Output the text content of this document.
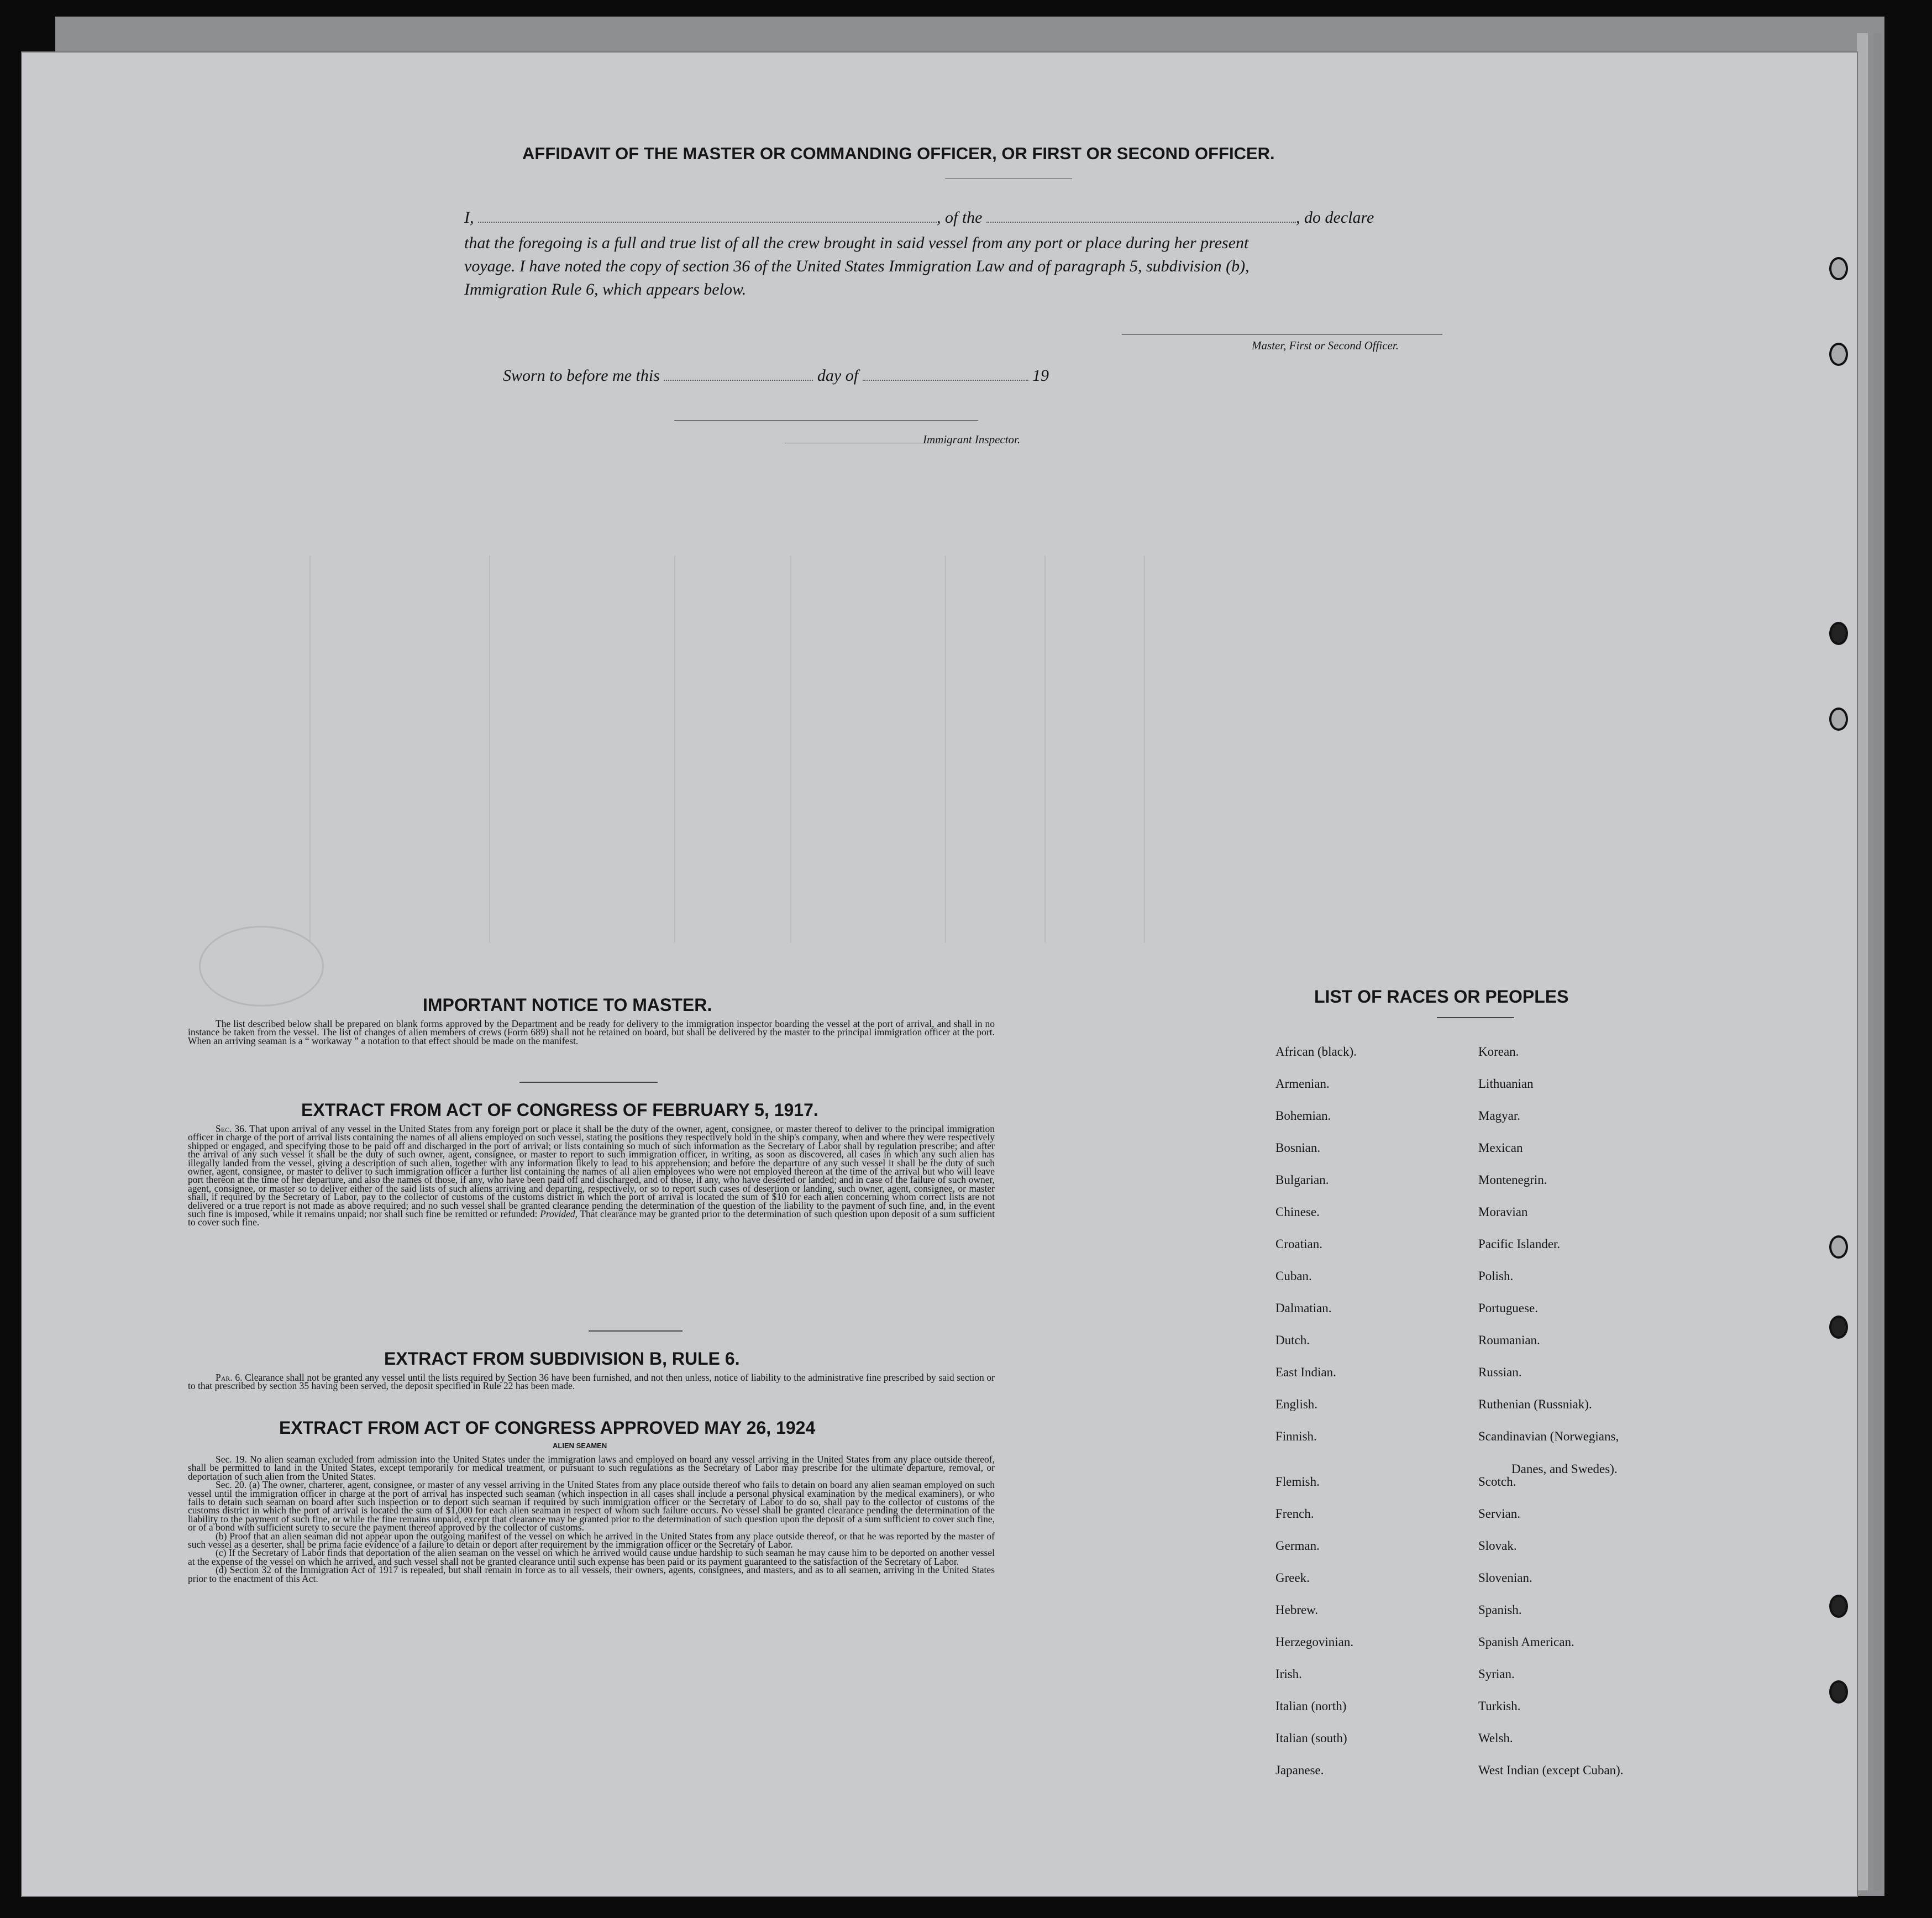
AFFIDAVIT OF THE MASTER OR COMMANDING OFFICER, OR FIRST OR SECOND OFFICER.
I,	, of the	, do declare
that the foregoing is a full and true list of all the crew brought in said vessel from any port or place during her present
voyage. I have noted the copy of section 36 of the United States Immigration Law and of paragraph 5, subdivision (b),
Immigration Rule 6, which appears below.
Master, First or Second Officer.
Sworn to before me this	day of	19
Immigrant Inspector.
IMPORTANT NOTICE TO MASTER.

The list described below shall be prepared on blank forms approved by the Department and be ready for delivery to the immigration inspector boarding the vessel at the port of arrival, and shall in no instance be taken from the vessel. The list of changes of alien members of crews (Form 689) shall not be retained on board, but shall be delivered by the master to the principal immigration officer at the port. When an arriving seaman is a “ workaway ” a notation to that effect should be made on the manifest.

EXTRACT FROM ACT OF CONGRESS OF FEBRUARY 5, 1917.

Sec. 36. That upon arrival of any vessel in the United States from any foreign port or place it shall be the duty of the owner, agent, consignee, or master thereof to deliver to the principal immigration officer in charge of the port of arrival lists containing the names of all aliens employed on such vessel, stating the positions they respectively hold in the ship's company, when and where they were respectively shipped or engaged, and specifying those to be paid off and discharged in the port of arrival; or lists containing so much of such information as the Secretary of Labor shall by regulation prescribe; and after the arrival of any such vessel it shall be the duty of such owner, agent, consignee, or master to report to such immigration officer, in writing, as soon as discovered, all cases in which any such alien has illegally landed from the vessel, giving a description of such alien, together with any information likely to lead to his apprehension; and before the departure of any such vessel it shall be the duty of such owner, agent, consignee, or master to deliver to such immigration officer a further list containing the names of all alien employees who were not employed thereon at the time of the arrival but who will leave port thereon at the time of her departure, and also the names of those, if any, who have been paid off and discharged, and of those, if any, who have deserted or landed; and in case of the failure of such owner, agent, consignee, or master so to deliver either of the said lists of such aliens arriving and departing, respectively, or so to report such cases of desertion or landing, such owner, agent, consignee, or master shall, if required by the Secretary of Labor, pay to the collector of customs of the customs district in which the port of arrival is located the sum of $10 for each alien concerning whom correct lists are not delivered or a true report is not made as above required; and no such vessel shall be granted clearance pending the determination of the question of the liability to the payment of such fine, and, in the event such fine is imposed, while it remains unpaid; nor shall such fine be remitted or refunded: Provided, That clearance may be granted prior to the determination of such question upon deposit of a sum sufficient to cover such fine.

EXTRACT FROM SUBDIVISION B, RULE 6.

Par. 6. Clearance shall not be granted any vessel until the lists required by Section 36 have been furnished, and not then unless, notice of liability to the administrative fine prescribed by said section or to that prescribed by section 35 having been served, the deposit specified in Rule 22 has been made.

EXTRACT FROM ACT OF CONGRESS APPROVED MAY 26, 1924
ALIEN SEAMEN

Sec. 19. No alien seaman excluded from admission into the United States under the immigration laws and employed on board any vessel arriving in the United States from any place outside thereof, shall be permitted to land in the United States, except temporarily for medical treatment, or pursuant to such regulations as the Secretary of Labor may prescribe for the ultimate departure, removal, or deportation of such alien from the United States.

Sec. 20. (a) The owner, charterer, agent, consignee, or master of any vessel arriving in the United States from any place outside thereof who fails to detain on board any alien seaman employed on such vessel until the immigration officer in charge at the port of arrival has inspected such seaman (which inspection in all cases shall include a personal physical examination by the medical examiners), or who fails to detain such seaman on board after such inspection or to deport such seaman if required by such immigration officer or the Secretary of Labor to do so, shall pay to the collector of customs of the customs district in which the port of arrival is located the sum of $1,000 for each alien seaman in respect of whom such failure occurs. No vessel shall be granted clearance pending the determination of the liability to the payment of such fine, or while the fine remains unpaid, except that clearance may be granted prior to the determination of such question upon the deposit of a sum sufficient to cover such fine, or of a bond with sufficient surety to secure the payment thereof approved by the collector of customs.

(b) Proof that an alien seaman did not appear upon the outgoing manifest of the vessel on which he arrived in the United States from any place outside thereof, or that he was reported by the master of such vessel as a deserter, shall be prima facie evidence of a failure to detain or deport after requirement by the immigration officer or the Secretary of Labor.

(c) If the Secretary of Labor finds that deportation of the alien seaman on the vessel on which he arrived would cause undue hardship to such seaman he may cause him to be deported on another vessel at the expense of the vessel on which he arrived, and such vessel shall not be granted clearance until such expense has been paid or its payment guaranteed to the satisfaction of the Secretary of Labor.

(d) Section 32 of the Immigration Act of 1917 is repealed, but shall remain in force as to all vessels, their owners, agents, consignees, and masters, and as to all seamen, arriving in the United States prior to the enactment of this Act.

LIST OF RACES OR PEOPLES
African (black).
Armenian.
Bohemian.
Bosnian.
Bulgarian.
Chinese.
Croatian.
Cuban.
Dalmatian.
Dutch.
East Indian.
English.
Finnish.
Flemish.
French.
German.
Greek.
Hebrew.
Herzegovinian.
Irish.
Italian (north)
Italian (south)
Japanese.
Korean.
Lithuanian
Magyar.
Mexican
Montenegrin.
Moravian
Pacific Islander.
Polish.
Portuguese.
Roumanian.
Russian.
Ruthenian (Russniak).
Scandinavian (Norwegians,
Scotch.
Servian.
Slovak.
Slovenian.
Spanish.
Spanish American.
Syrian.
Turkish.
Welsh.
West Indian (except Cuban).
Danes, and Swedes).
